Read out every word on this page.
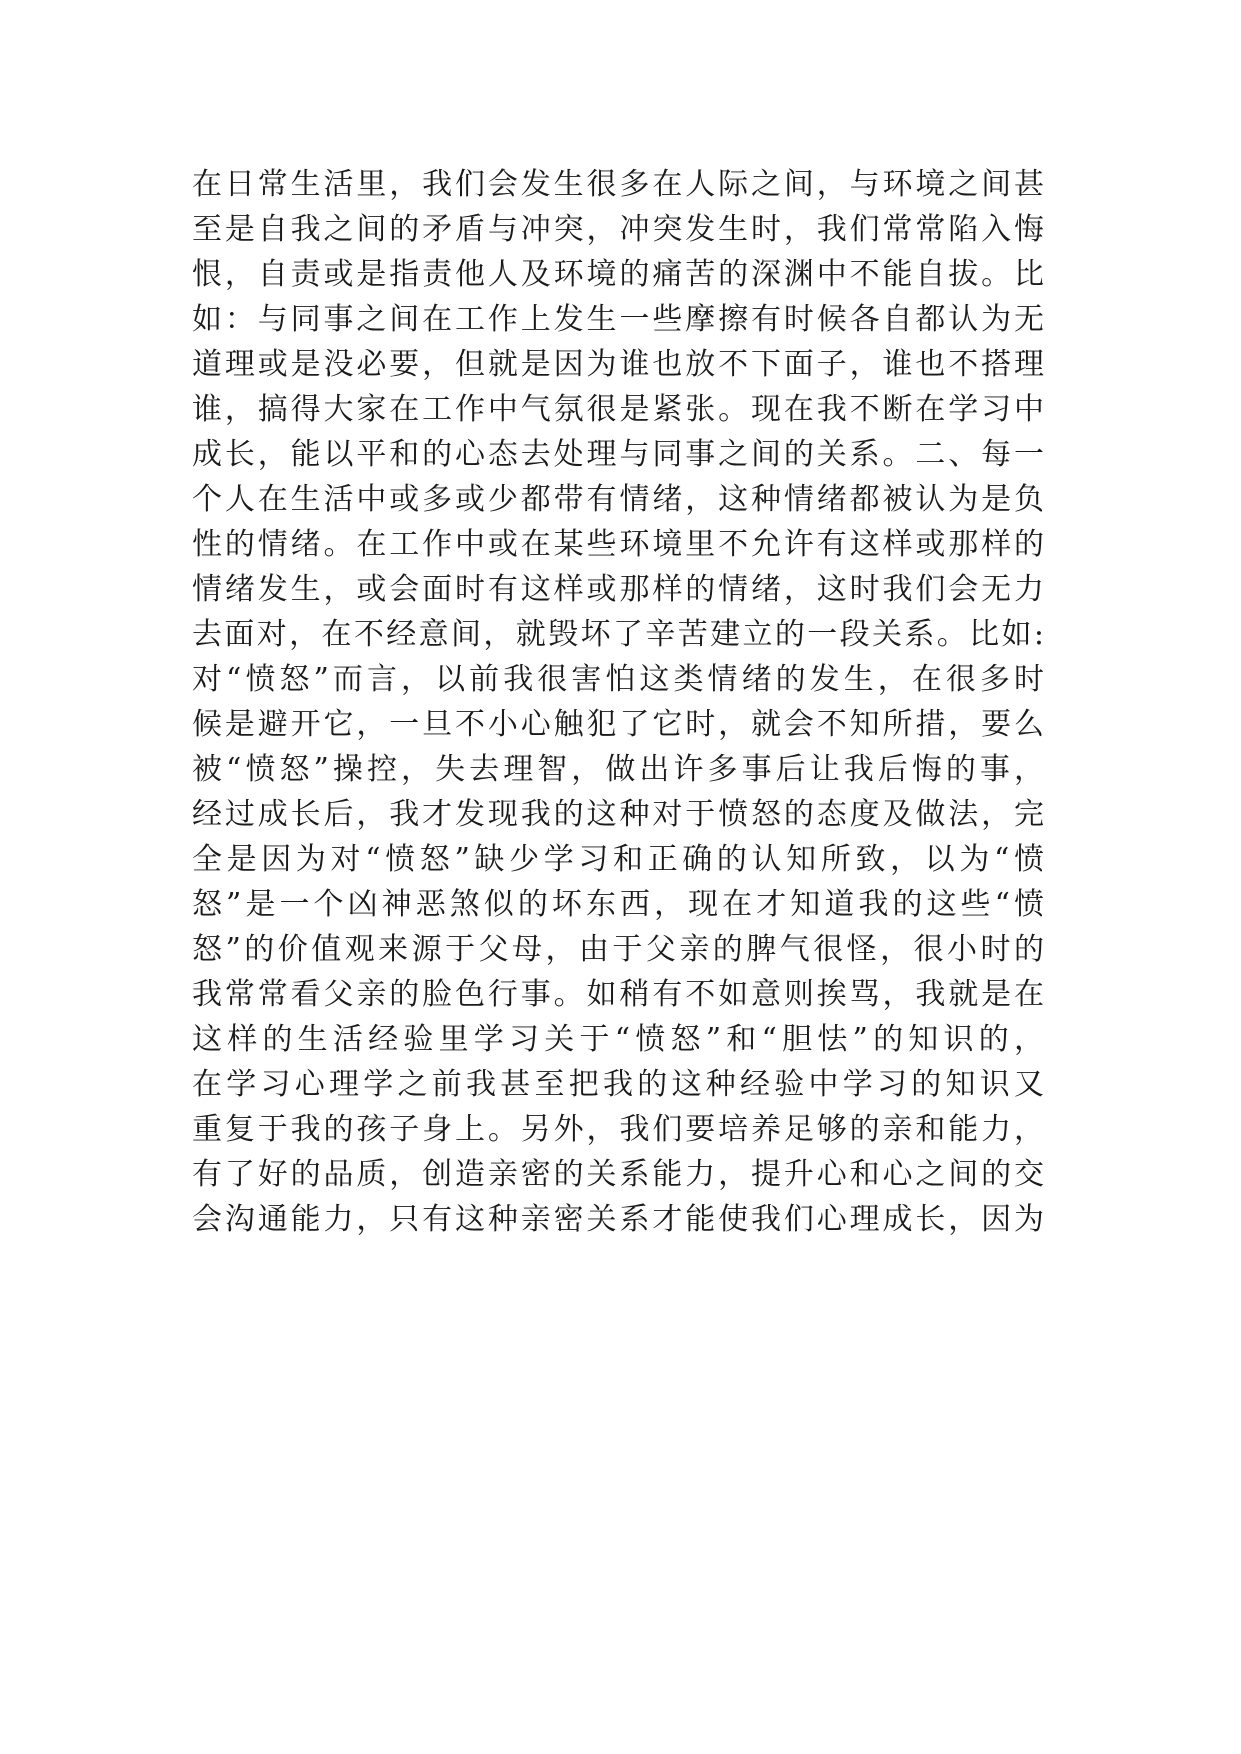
在日常生活里，我们会发生很多在人际之间，与环境之间甚
至是自我之间的矛盾与冲突，冲突发生时，我们常常陷入悔
恨，自责或是指责他人及环境的痛苦的深渊中不能自拔。比
如：与同事之间在工作上发生一些摩擦有时候各自都认为无
道理或是没必要，但就是因为谁也放不下面子，谁也不搭理
谁，搞得大家在工作中气氛很是紧张。现在我不断在学习中
成长，能以平和的心态去处理与同事之间的关系。二、每一
个人在生活中或多或少都带有情绪，这种情绪都被认为是负
性的情绪。在工作中或在某些环境里不允许有这样或那样的
情绪发生，或会面时有这样或那样的情绪，这时我们会无力
去面对，在不经意间，就毁坏了辛苦建立的一段关系。比如:
对“愤怒”而言，以前我很害怕这类情绪的发生，在很多时
候是避开它，一旦不小心触犯了它时，就会不知所措，要么
被“愤怒”操控，失去理智，做出许多事后让我后悔的事，
经过成长后，我才发现我的这种对于愤怒的态度及做法，完
全是因为对“愤怒”缺少学习和正确的认知所致，以为“愤
怒”是一个凶神恶煞似的坏东西，现在才知道我的这些“愤
怒”的价值观来源于父母，由于父亲的脾气很怪，很小时的
我常常看父亲的脸色行事。如稍有不如意则挨骂，我就是在
这样的生活经验里学习关于“愤怒”和“胆怯”的知识的，
在学习心理学之前我甚至把我的这种经验中学习的知识又
重复于我的孩子身上。另外，我们要培养足够的亲和能力，
有了好的品质，创造亲密的关系能力，提升心和心之间的交
会沟通能力，只有这种亲密关系才能使我们心理成长，因为
